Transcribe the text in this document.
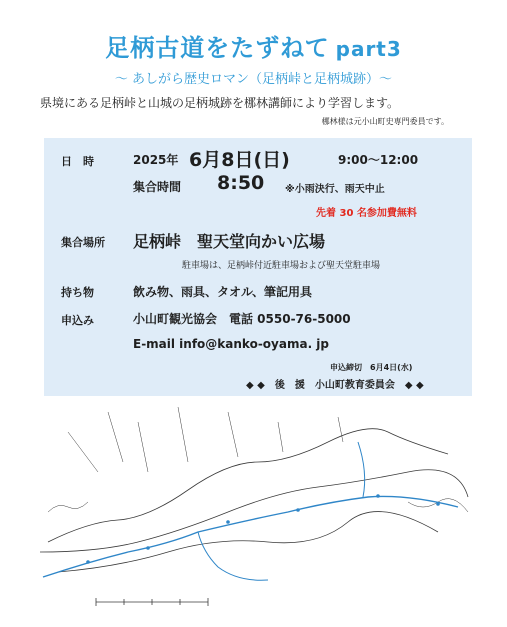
足柄古道をたずねて part3
～ あしがら歴史ロマン（足柄峠と足柄城跡）～
県境にある足柄峠と山城の足柄城跡を梛林講師により学習します。
梛林様は元小山町史専門委員です。
日　時	2025年 6月8日(日)	9:00～12:00
集合時間 8:50 ※小雨決行、雨天中止
先着 30 名参加費無料
集合場所 足柄峠　聖天堂向かい広場
駐車場は、足柄峠付近駐車場および聖天堂駐車場
持ち物	飲み物、雨具、タオル、筆記用具
申込み	小山町観光協会　電話 0550-76-5000
E-mail info@kanko-oyama. jp
申込締切　6月4日(水)
◆ ◆　後　援　小山町教育委員会　◆ ◆
